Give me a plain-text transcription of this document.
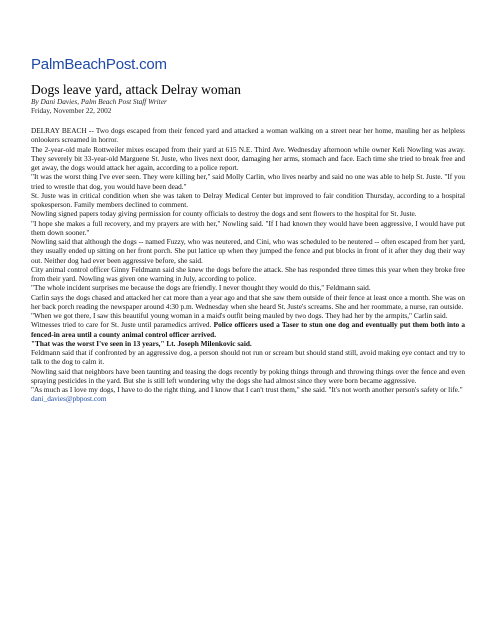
PalmBeachPost.com
Dogs leave yard, attack Delray woman
By Dani Davies, Palm Beach Post Staff Writer
Friday, November 22, 2002

DELRAY BEACH -- Two dogs escaped from their fenced yard and attacked a woman walking on a street near her home, mauling her as helpless onlookers screamed in horror.

The 2-year-old male Rottweiler mixes escaped from their yard at 615 N.E. Third Ave. Wednesday afternoon while owner Keli Nowling was away. They severely bit 33-year-old Marguene St. Juste, who lives next door, damaging her arms, stomach and face. Each time she tried to break free and get away, the dogs would attack her again, according to a police report.

"It was the worst thing I've ever seen. They were killing her," said Molly Carlin, who lives nearby and said no one was able to help St. Juste. "If you tried to wrestle that dog, you would have been dead."

St. Juste was in critical condition when she was taken to Delray Medical Center but improved to fair condition Thursday, according to a hospital spokesperson. Family members declined to comment.

Nowling signed papers today giving permission for county officials to destroy the dogs and sent flowers to the hospital for St. Juste.

"I hope she makes a full recovery, and my prayers are with her," Nowling said. "If I had known they would have been aggressive, I would have put them down sooner."

Nowling said that although the dogs -- named Fuzzy, who was neutered, and Cini, who was scheduled to be neutered -- often escaped from her yard, they usually ended up sitting on her front porch. She put lattice up when they jumped the fence and put blocks in front of it after they dug their way out. Neither dog had ever been aggressive before, she said.

City animal control officer Ginny Feldmann said she knew the dogs before the attack. She has responded three times this year when they broke free from their yard. Nowling was given one warning in July, according to police.

"The whole incident surprises me because the dogs are friendly. I never thought they would do this," Feldmann said.

Carlin says the dogs chased and attacked her cat more than a year ago and that she saw them outside of their fence at least once a month. She was on her back porch reading the newspaper around 4:30 p.m. Wednesday when she heard St. Juste's screams. She and her roommate, a nurse, ran outside.

"When we got there, I saw this beautiful young woman in a maid's outfit being mauled by two dogs. They had her by the armpits," Carlin said.

Witnesses tried to care for St. Juste until paramedics arrived. Police officers used a Taser to stun one dog and eventually put them both into a fenced-in area until a county animal control officer arrived.

"That was the worst I've seen in 13 years," Lt. Joseph Milenkovic said.

Feldmann said that if confronted by an aggressive dog, a person should not run or scream but should stand still, avoid making eye contact and try to talk to the dog to calm it.

Nowling said that neighbors have been taunting and teasing the dogs recently by poking things through and throwing things over the fence and even spraying pesticides in the yard. But she is still left wondering why the dogs she had almost since they were born became aggressive.

"As much as I love my dogs, I have to do the right thing, and I know that I can't trust them," she said. "It's not worth another person's safety or life."

dani_davies@pbpost.com
